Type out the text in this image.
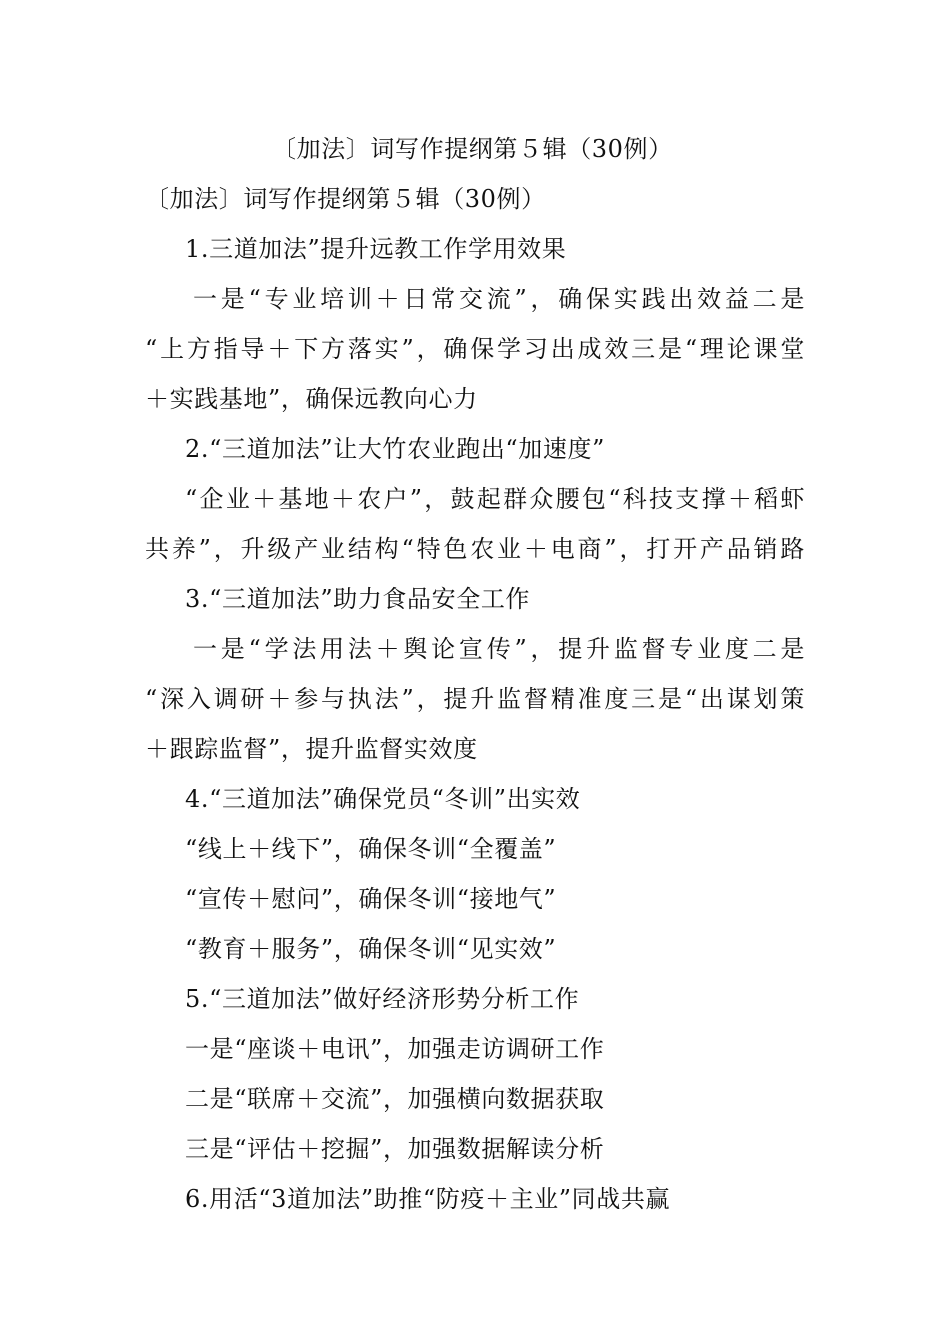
〔加法〕词写作提纲第５辑（30例）
〔加法〕词写作提纲第５辑（30例）
1.三道加法”提升远教工作学用效果
一是“专业培训＋日常交流”，确保实践出效益二是
“上方指导＋下方落实”，确保学习出成效三是“理论课堂
＋实践基地”，确保远教向心力
2.“三道加法”让大竹农业跑出“加速度”
“企业＋基地＋农户”，鼓起群众腰包“科技支撑＋稻虾
共养”，升级产业结构“特色农业＋电商”，打开产品销路
3.“三道加法”助力食品安全工作
一是“学法用法＋舆论宣传”，提升监督专业度二是
“深入调研＋参与执法”，提升监督精准度三是“出谋划策
＋跟踪监督”，提升监督实效度
4.“三道加法”确保党员“冬训”出实效
“线上＋线下”，确保冬训“全覆盖”
“宣传＋慰问”，确保冬训“接地气”
“教育＋服务”，确保冬训“见实效”
5.“三道加法”做好经济形势分析工作
一是“座谈＋电讯”，加强走访调研工作
二是“联席＋交流”，加强横向数据获取
三是“评估＋挖掘”，加强数据解读分析
6.用活“3道加法”助推“防疫＋主业”同战共赢
